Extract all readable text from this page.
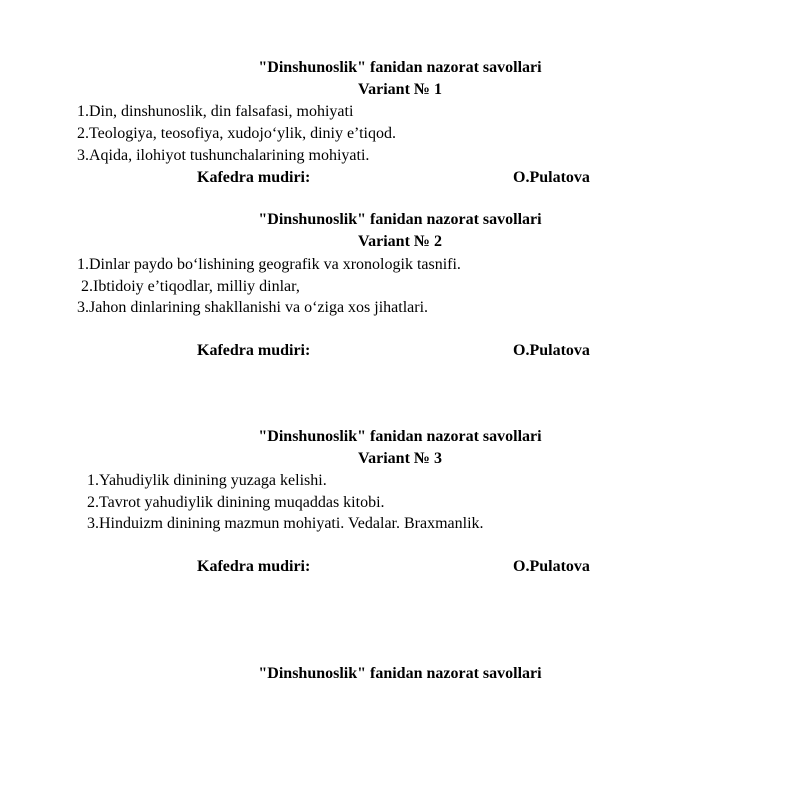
"Dinshunoslik" fanidan nazorat savollari
Variant № 1
1.Din, dinshunoslik, din falsafasi, mohiyati
2.Teologiya, teosofiya, xudojo‘ylik, diniy e’tiqod.
3.Aqida, ilohiyot tushunchalarining mohiyati.
Kafedra mudiri:	O.Pulatova
"Dinshunoslik" fanidan nazorat savollari
Variant № 2
1.Dinlar paydo bo‘lishining geografik va xronologik tasnifi.
2.Ibtidoiy e’tiqodlar, milliy dinlar,
3.Jahon dinlarining shakllanishi va o‘ziga xos jihatlari.
Kafedra mudiri:	O.Pulatova
"Dinshunoslik" fanidan nazorat savollari
Variant № 3
1.Yahudiylik dinining yuzaga kelishi.
2.Tavrot yahudiylik dinining muqaddas kitobi.
3.Hinduizm dinining mazmun mohiyati. Vedalar. Braxmanlik.
Kafedra mudiri:	O.Pulatova
"Dinshunoslik" fanidan nazorat savollari
